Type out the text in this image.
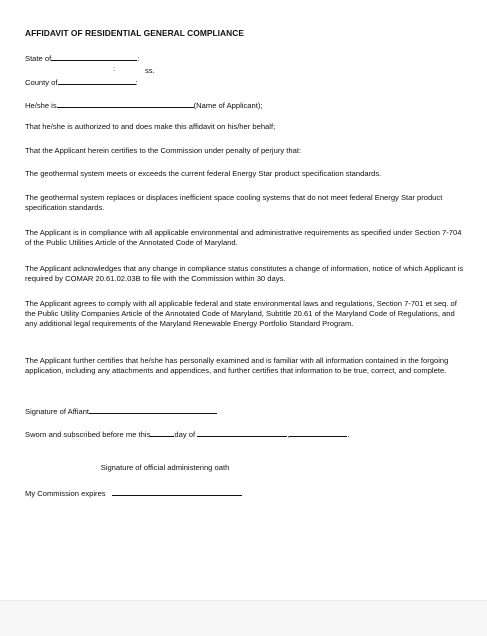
AFFIDAVIT OF RESIDENTIAL GENERAL COMPLIANCE
State of	:
:	ss.
County of	:
He/she is	(Name of Applicant);
That he/she is authorized to and does make this affidavit on his/her behalf;
That the Applicant herein certifies to the Commission under penalty of perjury that:
The geothermal system meets or exceeds the current federal Energy Star product specification standards.
The geothermal system replaces or displaces inefficient space cooling systems that do not meet federal Energy Star product specification standards.
The Applicant is in compliance with all applicable environmental and administrative requirements as specified under Section 7-704 of the Public Utilities Article of the Annotated Code of Maryland.
The Applicant acknowledges that any change in compliance status constitutes a change of information, notice of which Applicant is required by COMAR 20.61.02.03B to file with the Commission within 30 days.
The Applicant agrees to comply with all applicable federal and state environmental laws and regulations, Section 7-701 et seq. of the Public Utility Companies Article of the Annotated Code of Maryland, Subtitle 20.61 of the Maryland Code of Regulations, and any additional legal requirements of the Maryland Renewable Energy Portfolio Standard Program.
The Applicant further certifies that he/she has personally examined and is familiar with all information contained in the forgoing application, including any attachments and appendices, and further certifies that information to be true, correct, and complete.
Signature of Affiant
Sworn and subscribed before me this	day of	,	.
Signature of official administering oath
My Commission expires
